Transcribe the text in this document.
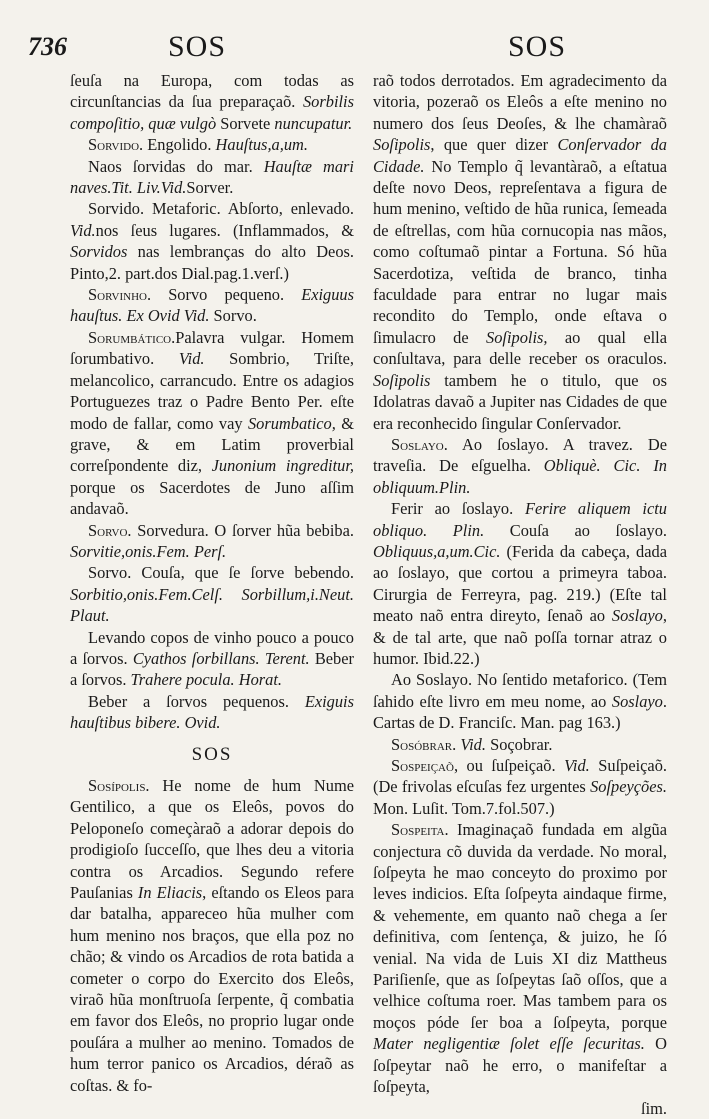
736	SOS	SOS

ſeuſa na Europa, com todas as circunſtancias da ſua preparaçaõ. Sorbilis compoſitio, quæ vulgò Sorvete nuncupatur.

Sorvido. Engolido. Hauſtus,a,um.

Naos ſorvidas do mar. Hauſtæ mari naves.Tit. Liv.Vid.Sorver.

Sorvido. Metaforic. Abſorto, enlevado. Vid.nos ſeus lugares. (Inflammados, & Sorvidos nas lembranças do alto Deos. Pinto,2. part.dos Dial.pag.1.verſ.)

Sorvinho. Sorvo pequeno. Exiguus hauſtus. Ex Ovid Vid. Sorvo.

Sorumbático.Palavra vulgar. Homem ſorumbativo. Vid. Sombrio, Triſte, melancolico, carrancudo. Entre os adagios Portuguezes traz o Padre Bento Per. eſte modo de fallar, como vay Sorumbatico, & grave, & em Latim proverbial correſpondente diz, Junonium ingreditur, porque os Sacerdotes de Juno aſſim andavaõ.

Sorvo. Sorvedura. O ſorver hũa bebiba. Sorvitie,onis.Fem. Perſ.

Sorvo. Couſa, que ſe ſorve bebendo. Sorbitio,onis.Fem.Celſ. Sorbillum,i.Neut. Plaut.

Levando copos de vinho pouco a pouco a ſorvos. Cyathos ſorbillans. Terent. Beber a ſorvos. Trahere pocula. Horat.

Beber a ſorvos pequenos. Exiguis hauſtibus bibere. Ovid.

SOS

Sosípolis. He nome de hum Nume Gentilico, a que os Eleôs, povos do Peloponeſo começàraõ a adorar depois do prodigioſo ſucceſſo, que lhes deu a vitoria contra os Arcadios. Segundo refere Pauſanias In Eliacis, eſtando os Eleos para dar batalha, appareceo hũa mulher com hum menino nos braços, que ella poz no chão; & vindo os Arcadios de rota batida a cometer o corpo do Exercito dos Eleôs, viraõ hũa monſtruoſa ſerpente, q̃ combatia em favor dos Eleôs, no proprio lugar onde pouſára a mulher ao menino. Tomados de hum terror panico os Arcadios, déraõ as coſtas. & fo-

raõ todos derrotados. Em agradecimento da vitoria, pozeraõ os Eleôs a eſte menino no numero dos ſeus Deoſes, & lhe chamàraõ Soſipolis, que quer dizer Conſervador da Cidade. No Templo q̃ levantàraõ, a eſtatua deſte novo Deos, repreſentava a figura de hum menino, veſtido de hũa runica, ſemeada de eſtrellas, com hũa cornucopia nas mãos, como coſtumaõ pintar a Fortuna. Só hũa Sacerdotiza, veſtida de branco, tinha faculdade para entrar no lugar mais recondito do Templo, onde eſtava o ſimulacro de Soſipolis, ao qual ella conſultava, para delle receber os oraculos. Soſipolis tambem he o titulo, que os Idolatras davaõ a Jupiter nas Cidades de que era reconhecido ſingular Conſervador.

Soslayo. Ao ſoslayo. A travez. De traveſia. De eſguelha. Obliquè. Cic. In obliquum.Plin.

Ferir ao ſoslayo. Ferire aliquem ictu obliquo. Plin. Couſa ao ſoslayo. Obliquus,a,um.Cic. (Ferida da cabeça, dada ao ſoslayo, que cortou a primeyra taboa. Cirurgia de Ferreyra, pag. 219.) (Eſte tal meato naõ entra direyto, ſenaõ ao Soslayo, & de tal arte, que naõ poſſa tornar atraz o humor. Ibid.22.)

Ao Soslayo. No ſentido metaforico. (Tem ſahido eſte livro em meu nome, ao Soslayo. Cartas de D. Franciſc. Man. pag 163.)

Sosóbrar. Vid. Soçobrar.

Sospeiçaõ, ou ſuſpeiçaõ. Vid. Suſpeiçaõ. (De frivolas eſcuſas fez urgentes Soſpeyções. Mon. Luſit. Tom.7.fol.507.)

Sospeita. Imaginaçaõ fundada em algũa conjectura cõ duvida da verdade. No moral, ſoſpeyta he mao conceyto do proximo por leves indicios. Eſta ſoſpeyta aindaque firme, & vehemente, em quanto naõ chega a ſer definitiva, com ſentença, & juizo, he ſó venial. Na vida de Luis XI diz Mattheus Pariſienſe, que as ſoſpeytas ſaõ oſſos, que a velhice coſtuma roer. Mas tambem para os moços póde ſer boa a ſoſpeyta, porque Mater negligentiæ ſolet eſſe ſecuritas. O ſoſpeytar naõ he erro, o manifeſtar a ſoſpeyta,

ſim.
